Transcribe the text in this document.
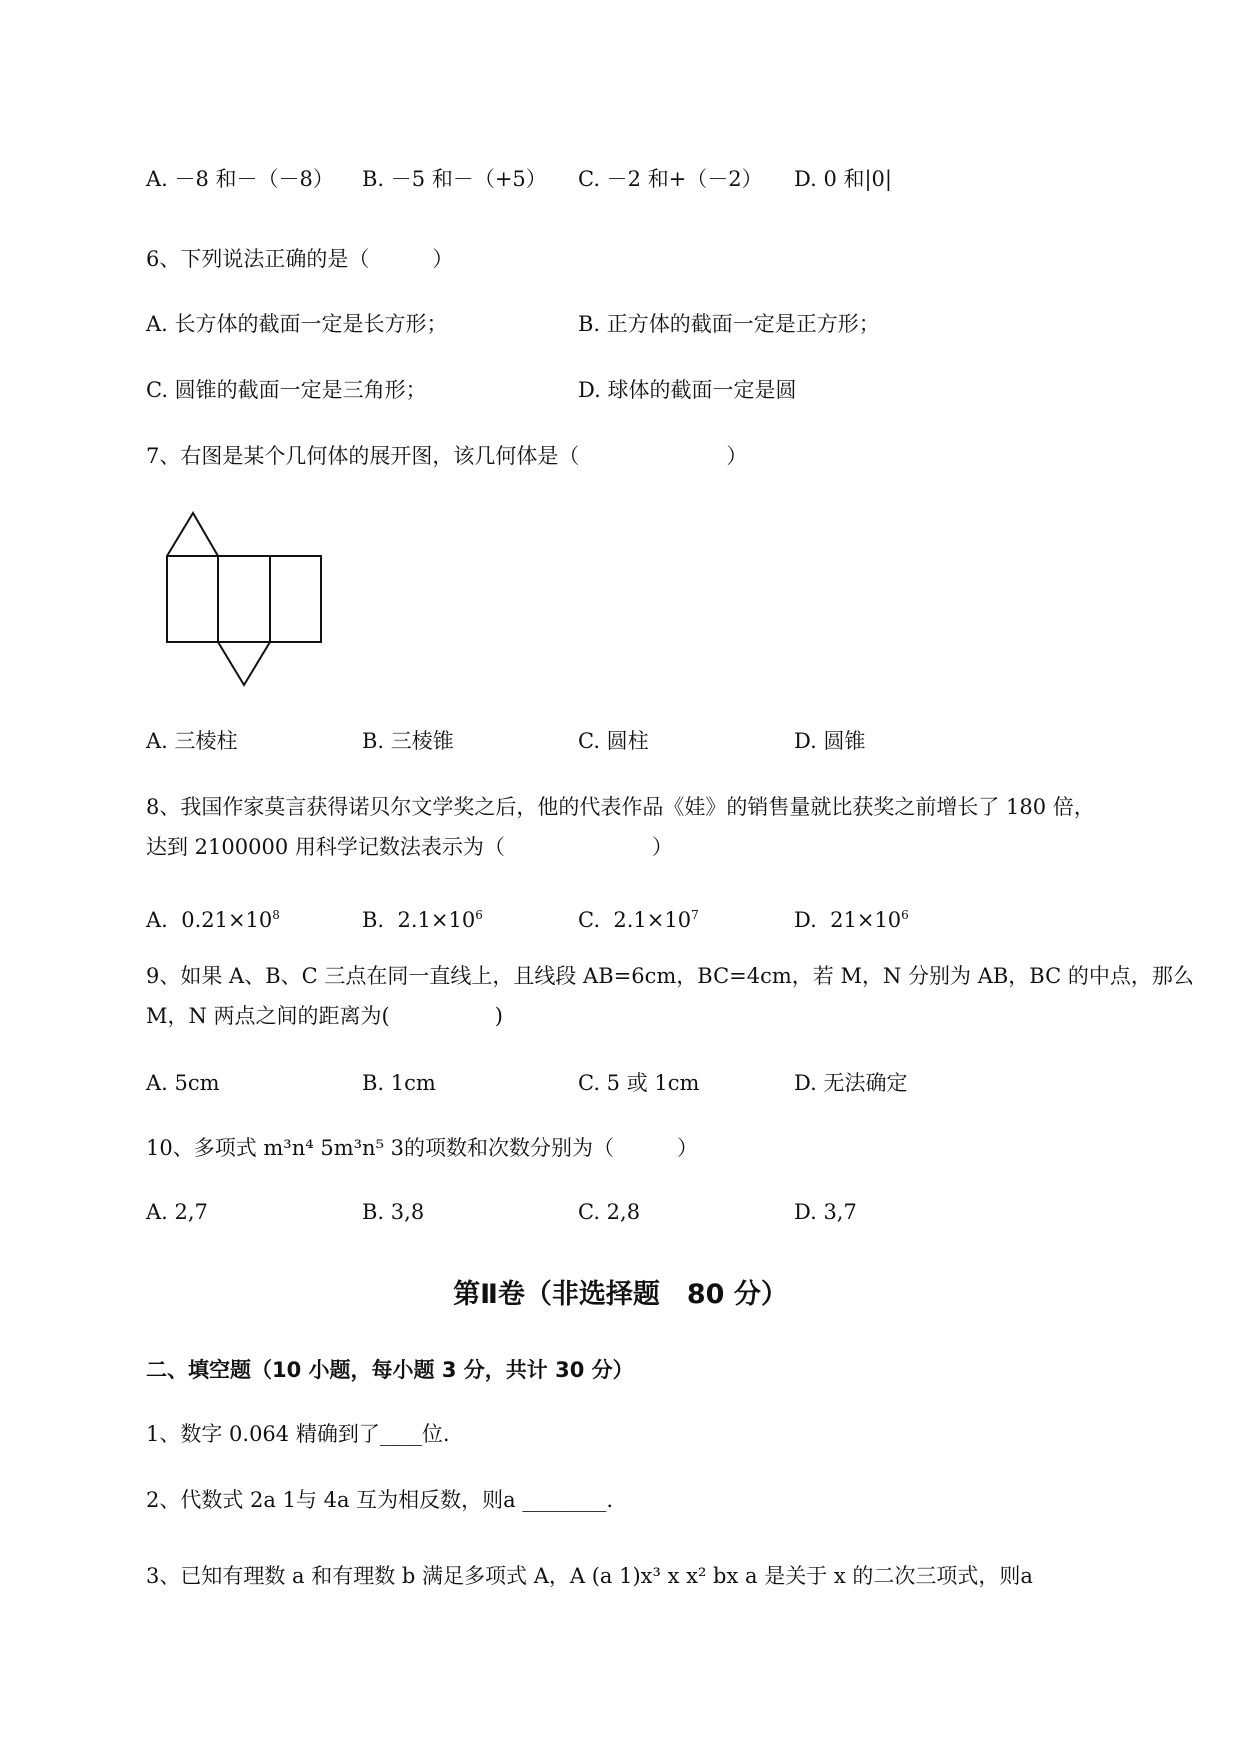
A. －8 和－（－8） B. －5 和－（+5） C. －2 和+（－2） D. 0 和|0|
6、下列说法正确的是（　　　）
A. 长方体的截面一定是长方形；	B. 正方体的截面一定是正方形；
C. 圆锥的截面一定是三角形；	D. 球体的截面一定是圆
7、右图是某个几何体的展开图，该几何体是（　　　　　　　）
A. 三棱柱	B. 三棱锥	C. 圆柱	D. 圆锥
8、我国作家莫言获得诺贝尔文学奖之后，他的代表作品《娃》的销售量就比获奖之前增长了 180 倍，
达到 2100000 用科学记数法表示为（　　　　　　　）
A. $0.21\times 10^8$	B. $2.1\times 10^6$	C. $2.1\times 10^7$	D. $21\times 10^6$
9、如果 A、B、C 三点在同一直线上，且线段 AB=6cm，BC=4cm，若 M，N 分别为 AB，BC 的中点，那么
M，N 两点之间的距离为(　　　　　)
A. 5cm	B. 1cm	C. 5 或 1cm	D. 无法确定
10、多项式 m³n⁴ 5m³n⁵ 3的项数和次数分别为（　　　）
A. 2,7	B. 3,8	C. 2,8	D. 3,7
第Ⅱ卷（非选择题　80 分）
二、填空题（10 小题，每小题 3 分，共计 30 分）
1、数字 0.064 精确到了____位.
2、代数式 2a 1与 4a 互为相反数，则a ________.
3、已知有理数 a 和有理数 b 满足多项式 A，A (a 1)x³ x x² bx a 是关于 x 的二次三项式，则a
